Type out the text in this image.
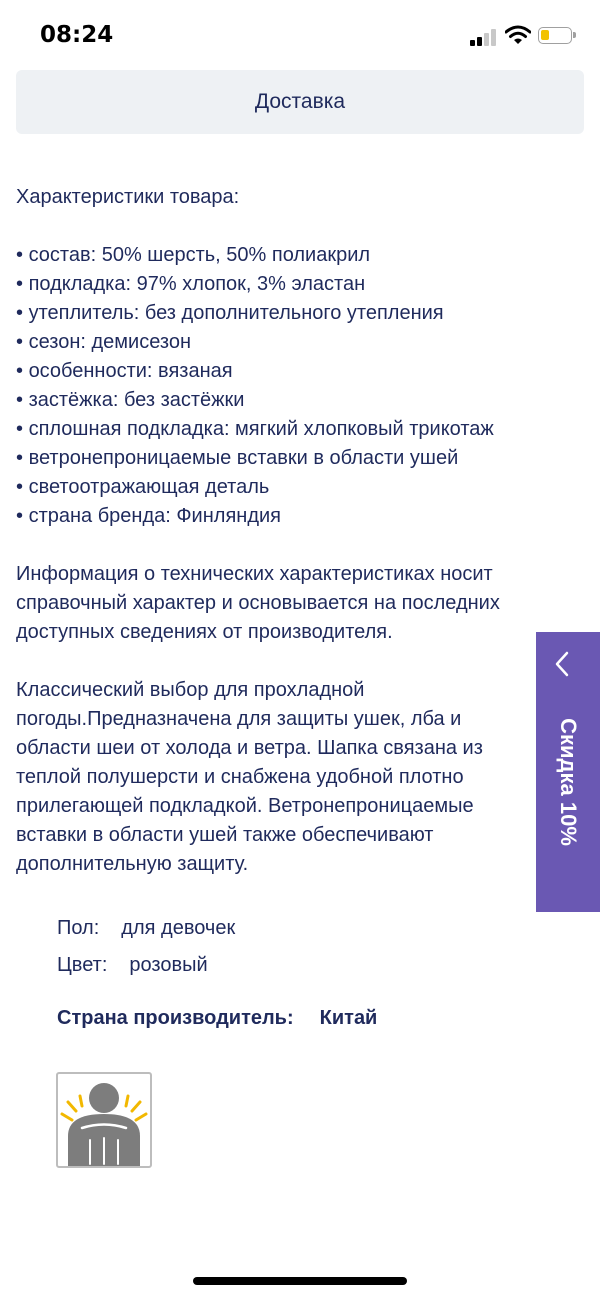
08:24
Доставка

Характеристики товара:

• состав: 50% шерсть, 50% полиакрил
• подкладка: 97% хлопок, 3% эластан
• утеплитель: без дополнительного утепления
• сезон: демисезон
• особенности: вязаная
• застёжка: без застёжки
• сплошная подкладка: мягкий хлопковый трикотаж
• ветронепроницаемые вставки в области ушей
• светоотражающая деталь
• страна бренда: Финляндия

Информация о технических характеристиках носит

справочный характер и основывается на последних

доступных сведениях от производителя.

Классический выбор для прохладной

погоды.Предназначена для защиты ушек, лба и

области шеи от холода и ветра. Шапка связана из

теплой полушерсти и снабжена удобной плотно

прилегающей подкладкой. Ветронепроницаемые

вставки в области ушей также обеспечивают

дополнительную защиту.

Пол: для девочек
Цвет: розовый
Страна производитель: Китай
Скидка 10%
